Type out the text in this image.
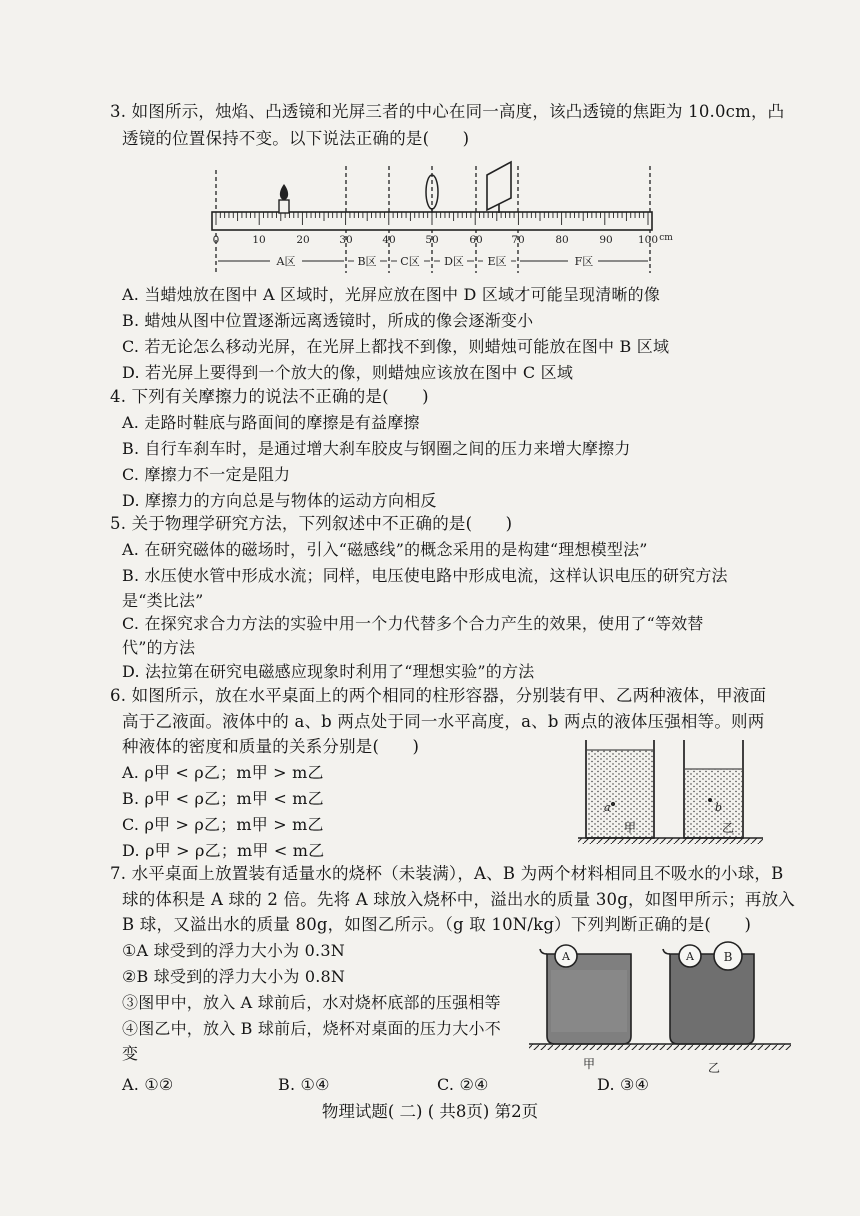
3. 如图所示，烛焰、凸透镜和光屏三者的中心在同一高度，该凸透镜的焦距为 10.0cm，凸
透镜的位置保持不变。以下说法正确的是(　　)
0	10	20	30	40	50	60	70	80	90 100 cm
A区	B区 C区 D区 E区	F区
A. 当蜡烛放在图中 A 区域时，光屏应放在图中 D 区域才可能呈现清晰的像
B. 蜡烛从图中位置逐渐远离透镜时，所成的像会逐渐变小
C. 若无论怎么移动光屏，在光屏上都找不到像，则蜡烛可能放在图中 B 区域
D. 若光屏上要得到一个放大的像，则蜡烛应该放在图中 C 区域
4. 下列有关摩擦力的说法不正确的是(　　)
A. 走路时鞋底与路面间的摩擦是有益摩擦
B. 自行车刹车时，是通过增大刹车胶皮与钢圈之间的压力来增大摩擦力
C. 摩擦力不一定是阻力
D. 摩擦力的方向总是与物体的运动方向相反
5. 关于物理学研究方法，下列叙述中不正确的是(　　)
A. 在研究磁体的磁场时，引入“磁感线”的概念采用的是构建“理想模型法”
B. 水压使水管中形成水流；同样，电压使电路中形成电流，这样认识电压的研究方法
是“类比法”
C. 在探究求合力方法的实验中用一个力代替多个合力产生的效果，使用了“等效替
代”的方法
D. 法拉第在研究电磁感应现象时利用了“理想实验”的方法
6. 如图所示，放在水平桌面上的两个相同的柱形容器，分别装有甲、乙两种液体，甲液面
高于乙液面。液体中的 a、b 两点处于同一水平高度，a、b 两点的液体压强相等。则两
种液体的密度和质量的关系分别是(　　)
A. ρ甲 < ρ乙；m甲 > m乙
B. ρ甲 < ρ乙；m甲 < m乙
C. ρ甲 > ρ乙；m甲 > m乙
D. ρ甲 > ρ乙；m甲 < m乙
a	b
甲	乙
7. 水平桌面上放置装有适量水的烧杯（未装满），A、B 为两个材料相同且不吸水的小球，B
球的体积是 A 球的 2 倍。先将 A 球放入烧杯中，溢出水的质量 30g，如图甲所示；再放入
B 球，又溢出水的质量 80g，如图乙所示。（g 取 10N/kg）下列判断正确的是(　　)
①A 球受到的浮力大小为 0.3N
②B 球受到的浮力大小为 0.8N
③图甲中，放入 A 球前后，水对烧杯底部的压强相等
④图乙中，放入 B 球前后，烧杯对桌面的压力大小不
变
A. ①②	B. ①④	C. ②④	D. ③④
A	A B
甲	乙
物理试题( 二) ( 共8页) 第2页
